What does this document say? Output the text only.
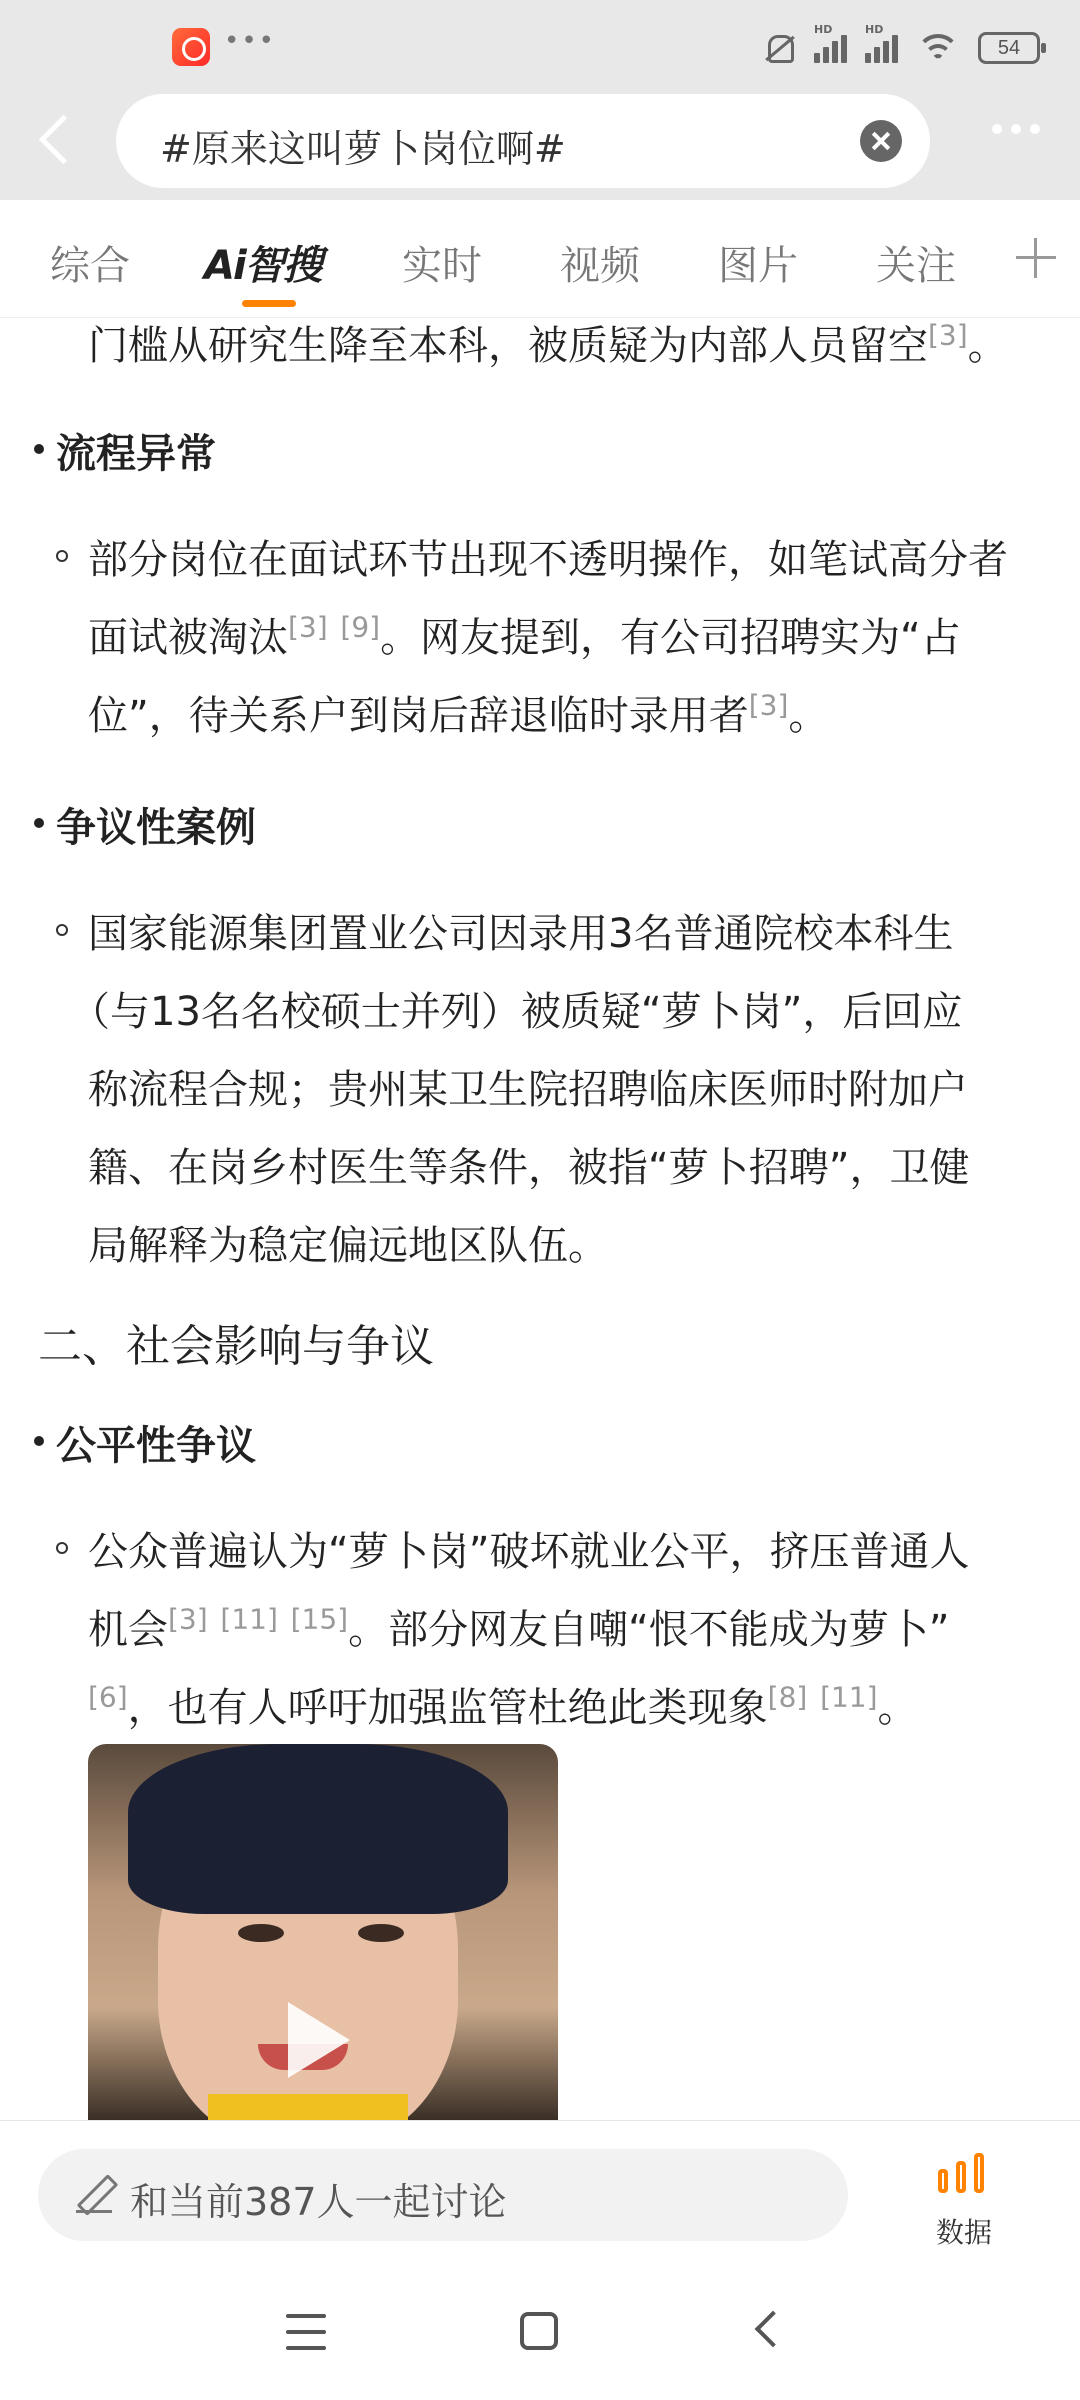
•••	HD	HD
54
#原来这叫萝卜岗位啊#
综合 Ai智搜 实时 视频 图片 关注
门槛从研究生降至本科，被质疑为内部人员留空[3]。
流程异常
部分岗位在面试环节出现不透明操作，如笔试高分者
面试被淘汰[3] [9]。网友提到，有公司招聘实为“占
位”，待关系户到岗后辞退临时录用者[3]。
争议性案例
国家能源集团置业公司因录用3名普通院校本科生
（与13名名校硕士并列）被质疑“萝卜岗”，后回应
称流程合规；贵州某卫生院招聘临床医师时附加户
籍、在岗乡村医生等条件，被指“萝卜招聘”，卫健
局解释为稳定偏远地区队伍。
二、社会影响与争议
公平性争议
公众普遍认为“萝卜岗”破坏就业公平，挤压普通人
机会[3] [11] [15]。部分网友自嘲“恨不能成为萝卜”
[6]，也有人呼吁加强监管杜绝此类现象[8] [11]。
和当前387人一起讨论
数据
